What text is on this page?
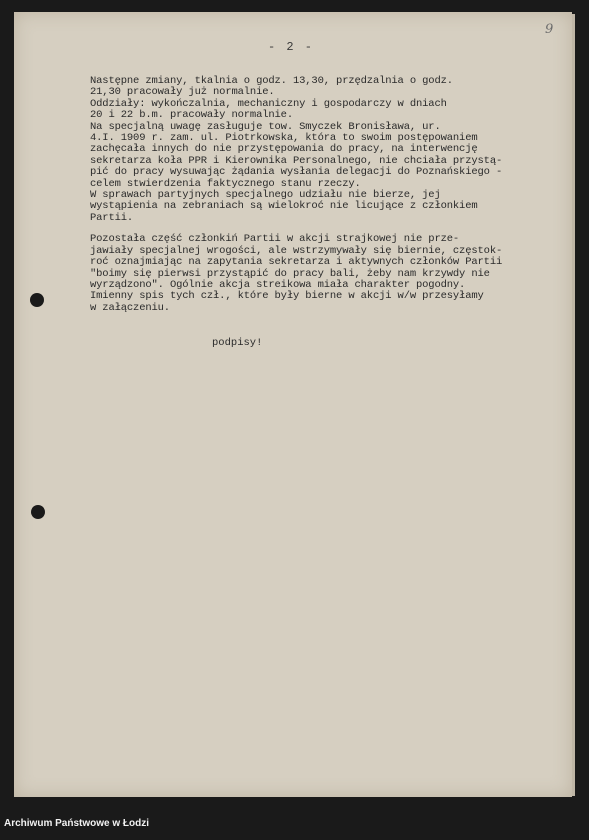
- 2 -
9

Następne zmiany, tkalnia o godz. 13,30, przędzalnia o godz.
21,30 pracowały już normalnie.

Oddziały: wykończalnia, mechaniczny i gospodarczy w dniach
20 i 22 b.m. pracowały normalnie.

Na specjalną uwagę zasługuje tow. Smyczek Bronisława, ur.
4.I. 1909 r. zam. ul. Piotrkowska, która to swoim postępowaniem
zachęcała innych do nie przystępowania do pracy, na interwencję
sekretarza koła PPR i Kierownika Personalnego, nie chciała przystą-
pić do pracy wysuwając żądania wysłania delegacji do Poznańskiego -
celem stwierdzenia faktycznego stanu rzeczy.

W sprawach partyjnych specjalnego udziału nie bierze, jej
wystąpienia na zebraniach są wielokroć nie licujące z członkiem
Partii.

Pozostała część członkiń Partii w akcji strajkowej nie prze-
jawiały specjalnej wrogości, ale wstrzymywały się biernie, częstok-
roć oznajmiając na zapytania sekretarza i aktywnych członków Partii
"boimy się pierwsi przystąpić do pracy bali, żeby nam krzywdy nie
wyrządzono". Ogólnie akcja streikowa miała charakter pogodny.
Imienny spis tych czł., które były bierne w akcji w/w przesyłamy
w załączeniu.

podpisy!
Archiwum Państwowe w Łodzi
